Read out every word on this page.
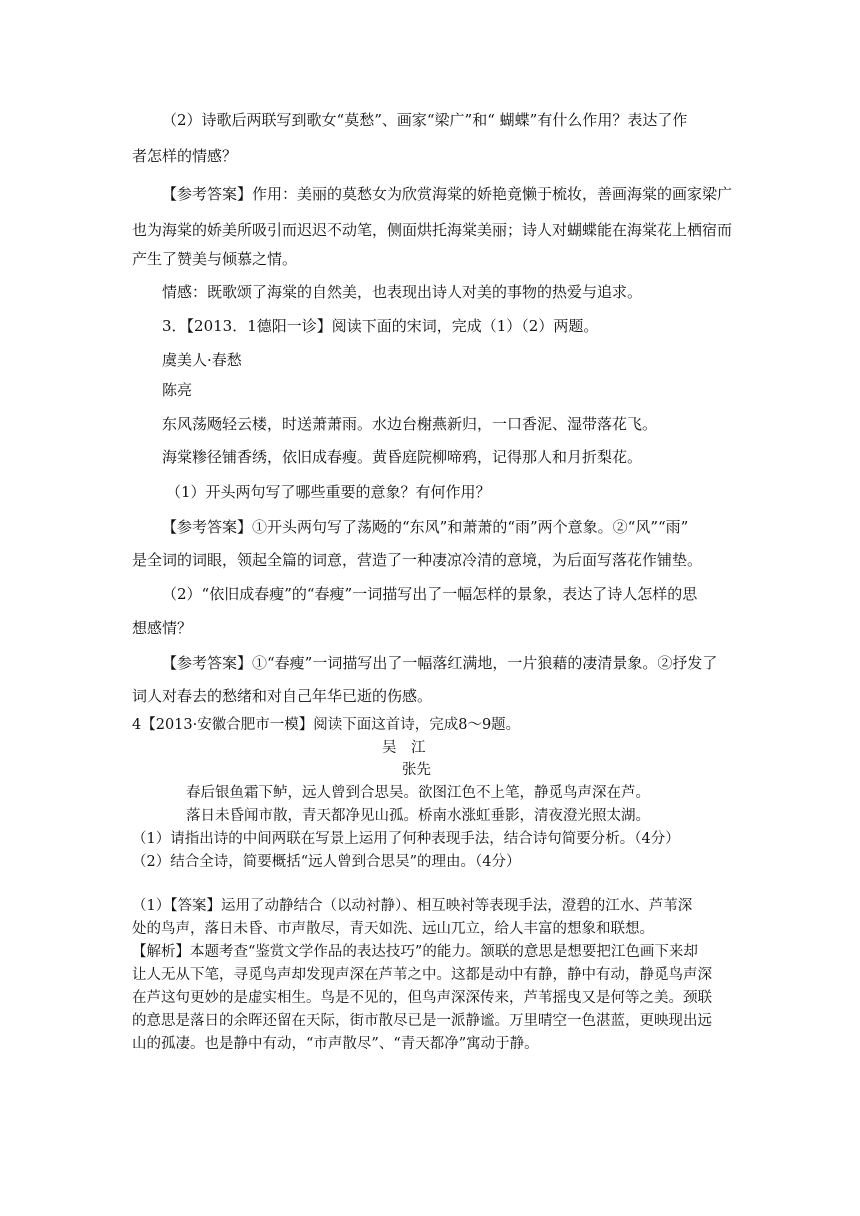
（2）诗歌后两联写到歌女“莫愁”、画家“梁广”和“ 蝴蝶”有什么作用？表达了作
者怎样的情感？
【参考答案】作用：美丽的莫愁女为欣赏海棠的娇艳竟懒于梳妆，善画海棠的画家梁广
也为海棠的娇美所吸引而迟迟不动笔，侧面烘托海棠美丽；诗人对蝴蝶能在海棠花上栖宿而
产生了赞美与倾慕之情。
情感：既歌颂了海棠的自然美，也表现出诗人对美的事物的热爱与追求。
3．【2013．1德阳一诊】阅读下面的宋词，完成（1）（2）两题。
虞美人·春愁
陈亮
东风荡飏轻云楼，时送萧萧雨。水边台榭燕新归，一口香泥、湿带落花飞。
海棠糁径铺香绣，依旧成春瘦。黄昏庭院柳啼鸦，记得那人和月折梨花。
（1）开头两句写了哪些重要的意象？有何作用？
【参考答案】①开头两句写了荡飏的“东风”和萧萧的“雨”两个意象。②“风”“雨”
是全词的词眼，领起全篇的词意，营造了一种凄凉冷清的意境，为后面写落花作铺垫。
（2）“依旧成春瘦”的“春瘦”一词描写出了一幅怎样的景象，表达了诗人怎样的思
想感情？
【参考答案】①“春瘦”一词描写出了一幅落红满地，一片狼藉的凄清景象。②抒发了
词人对春去的愁绪和对自己年华已逝的伤感。
4【2013·安徽合肥市一模】阅读下面这首诗，完成8～9题。
吴　江
张先
春后银鱼霜下鲈，远人曾到合思吴。欲图江色不上笔，静觅鸟声深在芦。
落日未昏闻市散，青天都净见山孤。桥南水涨虹垂影，清夜澄光照太湖。
（1）请指出诗的中间两联在写景上运用了何种表现手法，结合诗句简要分析。（4分）
（2）结合全诗，简要概括“远人曾到合思吴”的理由。（4分）
（1）【答案】运用了动静结合（以动衬静）、相互映衬等表现手法，澄碧的江水、芦苇深
处的鸟声，落日未昏、市声散尽，青天如洗、远山兀立，给人丰富的想象和联想。
【解析】本题考查“鉴赏文学作品的表达技巧”的能力。颔联的意思是想要把江色画下来却
让人无从下笔，寻觅鸟声却发现声深在芦苇之中。这都是动中有静，静中有动，静觅鸟声深
在芦这句更妙的是虚实相生。鸟是不见的，但鸟声深深传来，芦苇摇曳又是何等之美。颈联
的意思是落日的余晖还留在天际，街市散尽已是一派静谧。万里晴空一色湛蓝，更映现出远
山的孤凄。也是静中有动，“市声散尽”、“青天都净”寓动于静。
